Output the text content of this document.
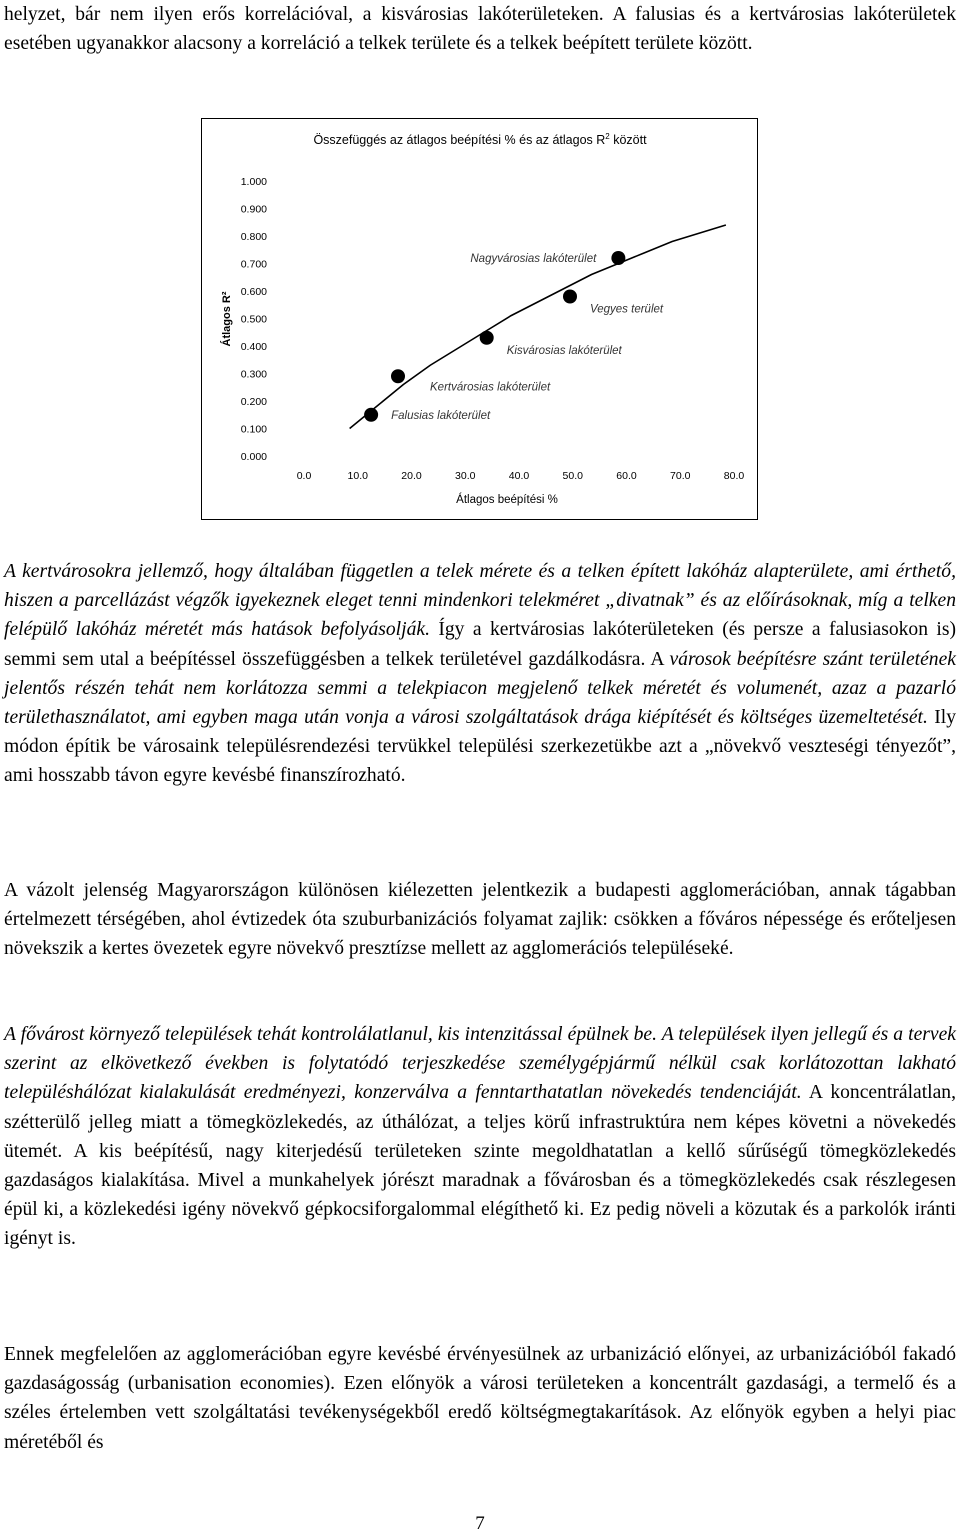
helyzet, bár nem ilyen erős korrelációval, a kisvárosias lakóterületeken. A falusias és a kertvárosias lakóterületek esetében ugyanakkor alacsony a korreláció a telkek területe és a telkek beépített területe között.

Összefüggés az átlagos beépítési % és az átlagos $R^2$ között
0.000
0.100
0.200
0.300
0.400
0.500
0.600
0.700
0.800
0.900
1.000
0.0	10.0	20.0	30.0	40.0	50.0	60.0	70.0	80.0
Átlagos beépítési %
Átlagos R²
Falusias lakóterület
Kertvárosias lakóterület
Kisvárosias lakóterület
Vegyes terület
Nagyvárosias lakóterület

A kertvárosokra jellemző, hogy általában független a telek mérete és a telken épített lakóház alapterülete, ami érthető, hiszen a parcellázást végzők igyekeznek eleget tenni mindenkori telekméret „divatnak” és az előírásoknak, míg a telken felépülő lakóház méretét más hatások befolyásolják. Így a kertvárosias lakóterületeken (és persze a falusiasokon is) semmi sem utal a beépítéssel összefüggésben a telkek területével gazdálkodásra. A városok beépítésre szánt területének jelentős részén tehát nem korlátozza semmi a telekpiacon megjelenő telkek méretét és volumenét, azaz a pazarló területhasználatot, ami egyben maga után vonja a városi szolgáltatások drága kiépítését és költséges üzemeltetését. Ily módon építik be városaink településrendezési tervükkel települési szerkezetükbe azt a „növekvő veszteségi tényezőt”, ami hosszabb távon egyre kevésbé finanszírozható.

A vázolt jelenség Magyarországon különösen kiélezetten jelentkezik a budapesti agglomerációban, annak tágabban értelmezett térségében, ahol évtizedek óta szuburbanizációs folyamat zajlik: csökken a főváros népessége és erőteljesen növekszik a kertes övezetek egyre növekvő presztízse mellett az agglomerációs településeké.

A fővárost környező települések tehát kontrolálatlanul, kis intenzitással épülnek be. A települések ilyen jellegű és a tervek szerint az elkövetkező években is folytatódó terjeszkedése személygépjármű nélkül csak korlátozottan lakható településhálózat kialakulását eredményezi, konzerválva a fenntarthatatlan növekedés tendenciáját. A koncentrálatlan, szétterülő jelleg miatt a tömegközlekedés, az úthálózat, a teljes körű infrastruktúra nem képes követni a növekedés ütemét. A kis beépítésű, nagy kiterjedésű területeken szinte megoldhatatlan a kellő sűrűségű tömegközlekedés gazdaságos kialakítása. Mivel a munkahelyek jórészt maradnak a fővárosban és a tömegközlekedés csak részlegesen épül ki, a közlekedési igény növekvő gépkocsiforgalommal elégíthető ki. Ez pedig növeli a közutak és a parkolók iránti igényt is.

Ennek megfelelően az agglomerációban egyre kevésbé érvényesülnek az urbanizáció előnyei, az urbanizációból fakadó gazdaságosság (urbanisation economies). Ezen előnyök a városi területeken a koncentrált gazdasági, a termelő és a széles értelemben vett szolgáltatási tevékenységekből eredő költségmegtakarítások. Az előnyök egyben a helyi piac méretéből és

7
